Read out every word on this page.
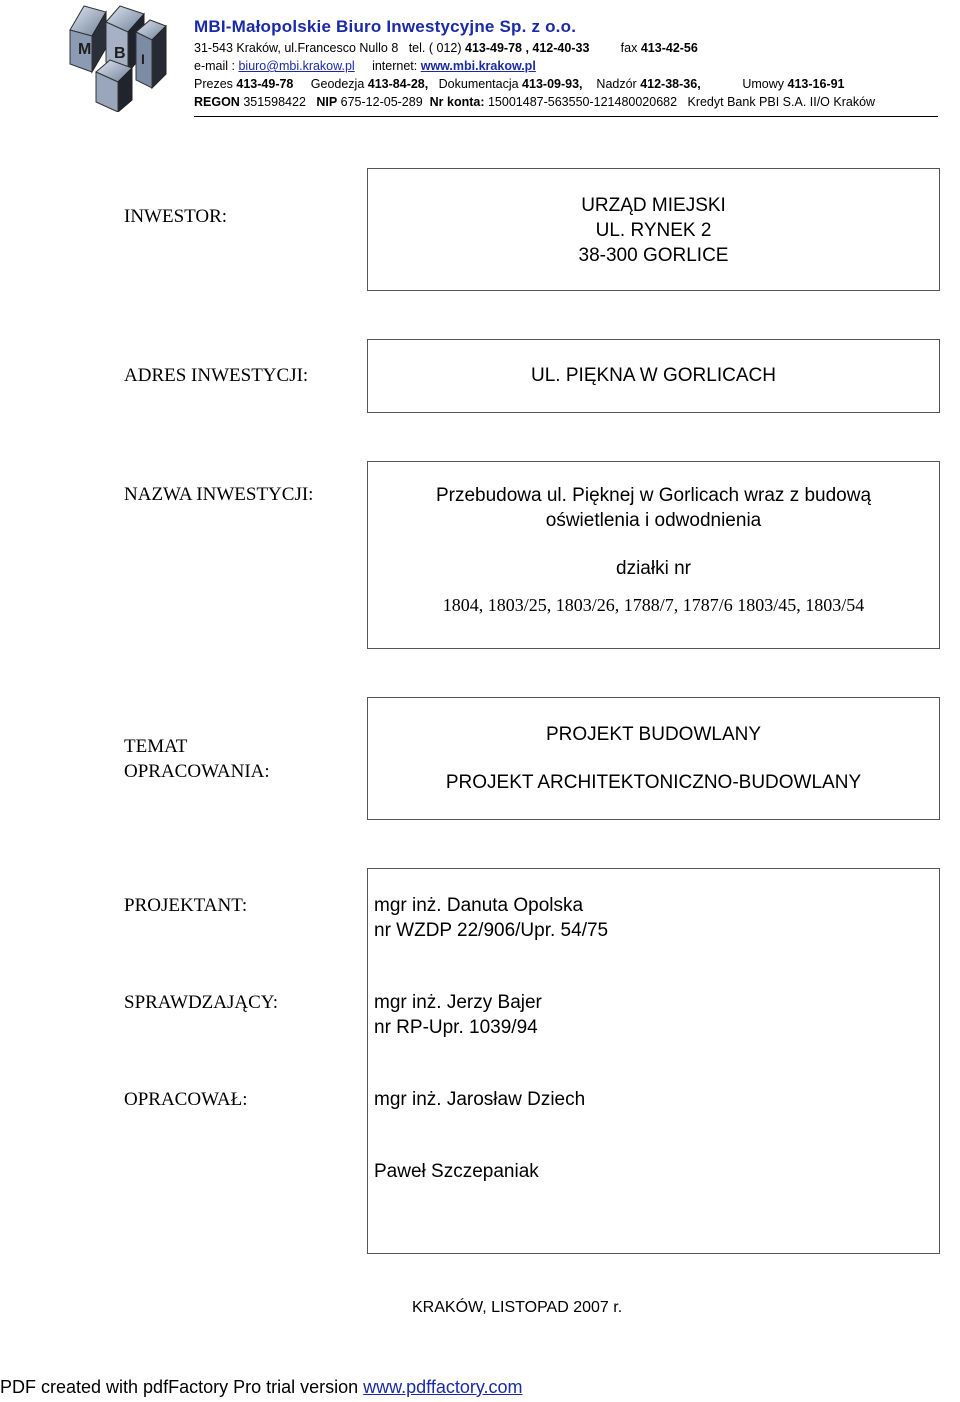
M B I
MBI-Małopolskie Biuro Inwestycyjne Sp. z o.o.
31-543 Kraków, ul.Francesco Nullo 8 tel. ( 012) 413-49-78 , 412-40-33	fax 413-42-56
e-mail : biuro@mbi.krakow.pl internet: www.mbi.krakow.pl
Prezes 413-49-78 Geodezja 413-84-28, Dokumentacja 413-09-93, Nadzór 412-38-36,	Umowy 413-16-91
REGON 351598422 NIP 675-12-05-289 Nr konta: 15001487-563550-121480020682 Kredyt Bank PBI S.A. II/O Kraków
INWESTOR:
URZĄD MIEJSKI
UL. RYNEK 2
38-300 GORLICE
ADRES INWESTYCJI:	UL. PIĘKNA W GORLICACH
NAZWA INWESTYCJI:	Przebudowa ul. Pięknej w Gorlicach wraz z budową
oświetlenia i odwodnienia
działki nr
1804, 1803/25, 1803/26, 1788/7, 1787/6 1803/45, 1803/54
TEMAT
OPRACOWANIA:
PROJEKT BUDOWLANY
PROJEKT ARCHITEKTONICZNO-BUDOWLANY
PROJEKTANT:	mgr inż. Danuta Opolska
nr WZDP 22/906/Upr. 54/75
SPRAWDZAJĄCY:	mgr inż. Jerzy Bajer
nr RP-Upr. 1039/94
OPRACOWAŁ:	mgr inż. Jarosław Dziech
Paweł Szczepaniak
KRAKÓW, LISTOPAD 2007 r.
PDF created with pdfFactory Pro trial version www.pdffactory.com
